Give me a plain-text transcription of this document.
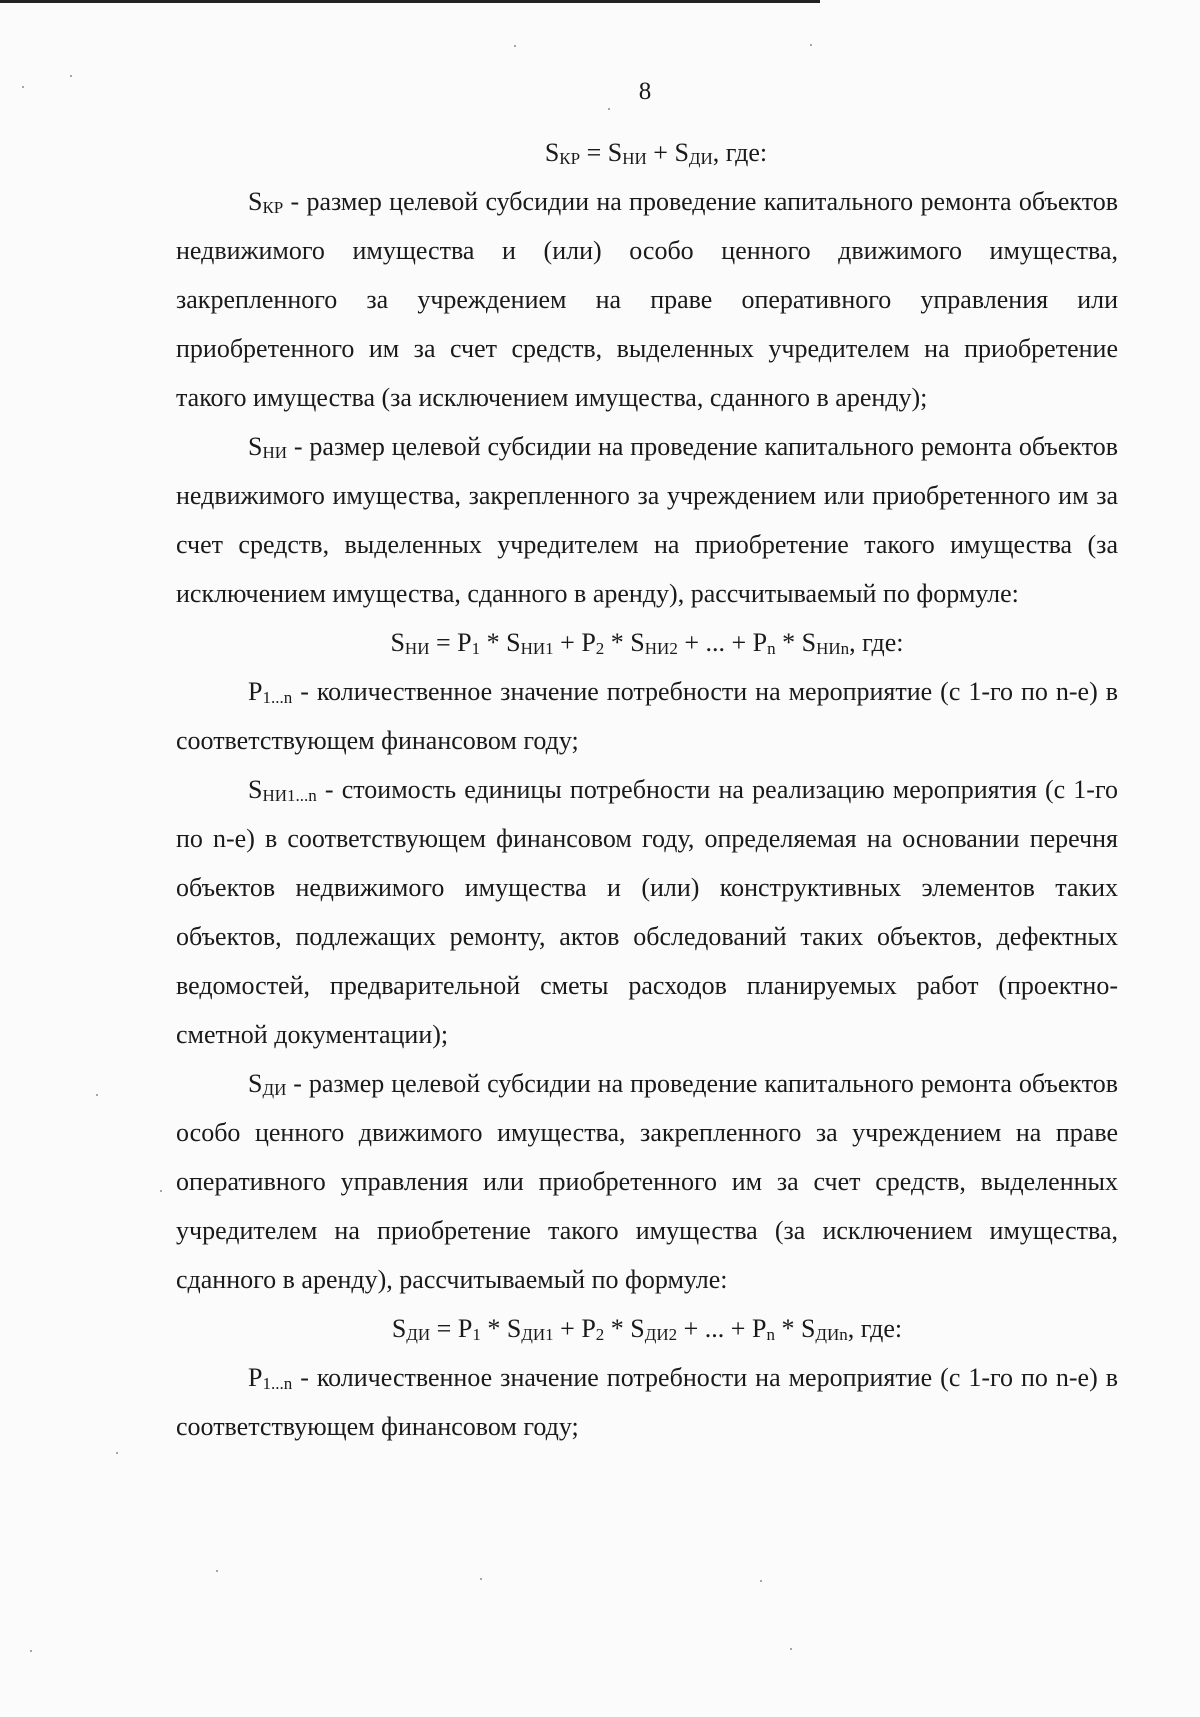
8

$S_{КР} = S_{НИ} + S_{ДИ}$, где:

$S_{КР}$ - размер целевой субсидии на проведение капитального ремонта объектов недвижимого имущества и (или) особо ценного движимого имущества, закрепленного за учреждением на праве оперативного управления или приобретенного им за счет средств, выделенных учредителем на приобретение такого имущества (за исключением имущества, сданного в аренду);

$S_{НИ}$ - размер целевой субсидии на проведение капитального ремонта объектов недвижимого имущества, закрепленного за учреждением или приобретенного им за счет средств, выделенных учредителем на приобретение такого имущества (за исключением имущества, сданного в аренду), рассчитываемый по формуле:

$S_{НИ} = P_1 * S_{НИ1} + P_2 * S_{НИ2}$ + ... + $P_n * S_{НИn}$, где:

$P_{1...n}$ - количественное значение потребности на мероприятие (с 1-го по n-е) в соответствующем финансовом году;

$S_{НИ1...n}$ - стоимость единицы потребности на реализацию мероприятия (с 1-го по n-е) в соответствующем финансовом году, определяемая на основании перечня объектов недвижимого имущества и (или) конструктивных элементов таких объектов, подлежащих ремонту, актов обследований таких объектов, дефектных ведомостей, предварительной сметы расходов планируемых работ (проектно-сметной документации);

$S_{ДИ}$ - размер целевой субсидии на проведение капитального ремонта объектов особо ценного движимого имущества, закрепленного за учреждением на праве оперативного управления или приобретенного им за счет средств, выделенных учредителем на приобретение такого имущества (за исключением имущества, сданного в аренду), рассчитываемый по формуле:

$S_{ДИ} = P_1 * S_{ДИ1} + P_2 * S_{ДИ2}$ + ... + $P_n * S_{ДИn}$, где:

$P_{1...n}$ - количественное значение потребности на мероприятие (с 1-го по n-е) в соответствующем финансовом году;
